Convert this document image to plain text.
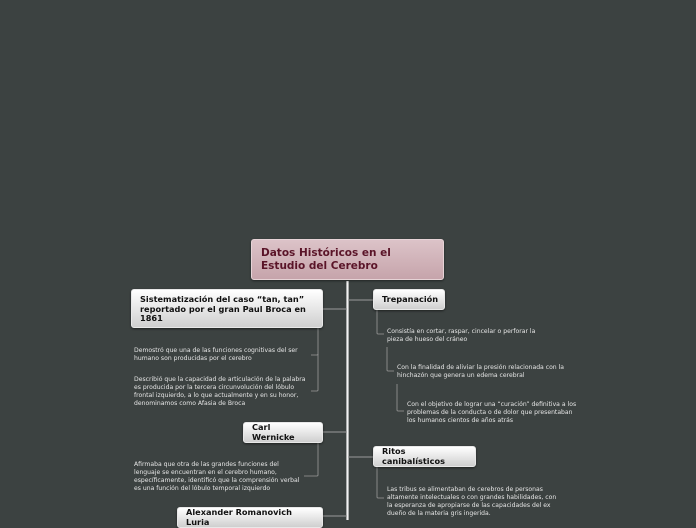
Datos Históricos en el Estudio del Cerebro
Sistematización del caso “tan, tan” reportado por el gran Paul Broca en 1861
Demostró que una de las funciones cognitivas del ser humano son producidas por el cerebro
Describió que la capacidad de articulación de la palabra es producida por la tercera circunvolución del lóbulo frontal izquierdo, a lo que actualmente y en su honor, denominamos como Afasia de Broca
Carl Wernicke
Afirmaba que otra de las grandes funciones del lenguaje se encuentran en el cerebro humano, específicamente, identificó que la comprensión verbal es una función del lóbulo temporal izquierdo
Alexander Romanovich Luria
Trepanación
Consistía en cortar, raspar, cincelar o perforar la pieza de hueso del cráneo
Con la finalidad de aliviar la presión relacionada con la hinchazón que genera un edema cerebral
Con el objetivo de lograr una “curación” definitiva a los problemas de la conducta o de dolor que presentaban los humanos cientos de años atrás
Ritos canibalísticos
Las tribus se alimentaban de cerebros de personas altamente intelectuales o con grandes habilidades, con la esperanza de apropiarse de las capacidades del ex dueño de la materia gris ingerida.
